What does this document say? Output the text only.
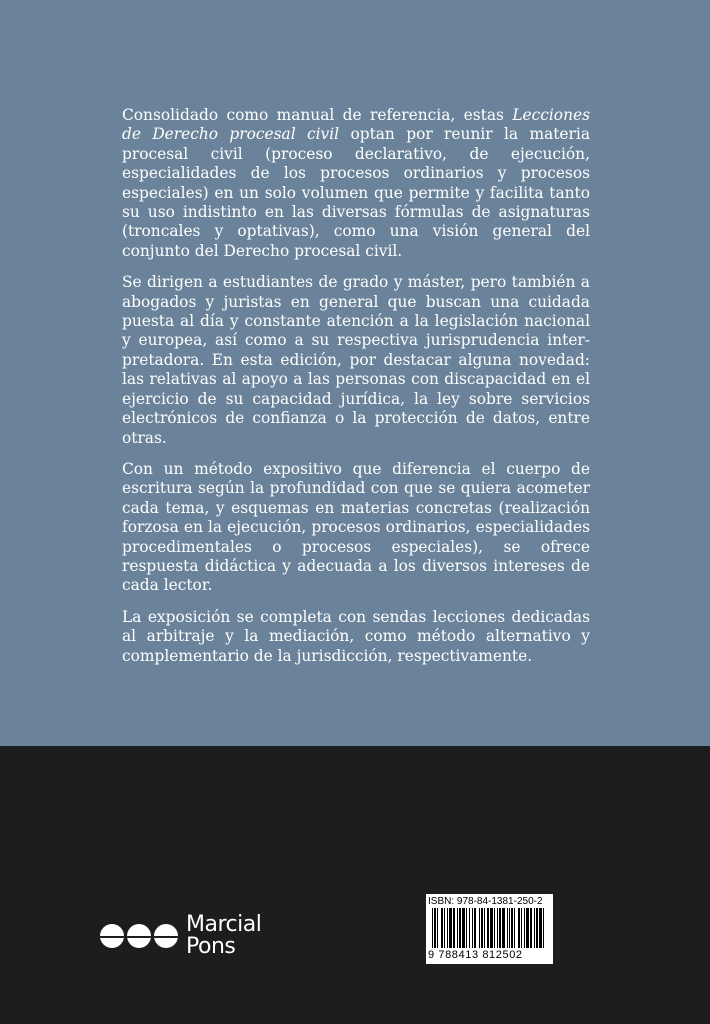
Consolidado como manual de referencia, estas Lecciones de Derecho procesal civil optan por reunir la materia procesal civil (proceso declarativo, de ejecución, especialidades de los procesos ordinarios y procesos especiales) en un solo volumen que permite y facilita tanto su uso indistinto en las diversas fórmulas de asignaturas (troncales y optativas), como una visión general del conjunto del Derecho procesal civil.

Se dirigen a estudiantes de grado y máster, pero también a abogados y juristas en general que buscan una cuidada puesta al día y constante atención a la legislación nacional y europea, así como a su respectiva jurisprudencia interpretadora. En esta edición, por destacar alguna novedad: las relativas al apoyo a las personas con discapacidad en el ejercicio de su capacidad jurídica, la ley sobre servicios electrónicos de confianza o la protección de datos, entre otras.

Con un método expositivo que diferencia el cuerpo de escritura según la profundidad con que se quiera acometer cada tema, y esquemas en materias concretas (realización forzosa en la ejecución, procesos ordinarios, especialidades procedimentales o procesos especiales), se ofrece respuesta didáctica y adecuada a los diversos intereses de cada lector.

La exposición se completa con sendas lecciones dedicadas al arbitraje y la mediación, como método alternativo y complementario de la jurisdicción, respectivamente.

Marcial
Pons
ISBN: 978-84-1381-250-2
9 788413 812502
